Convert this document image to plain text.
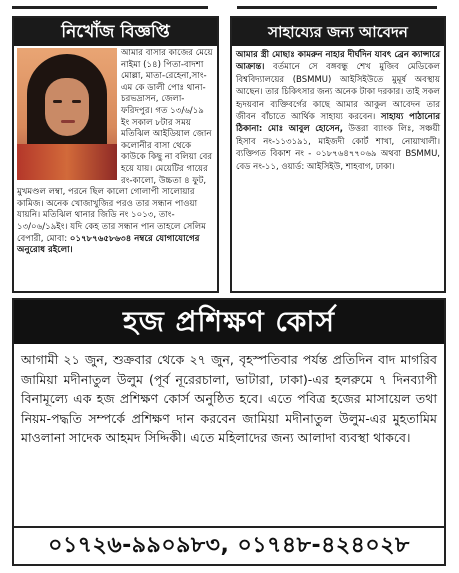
নিখোঁজ বিজ্ঞপ্তি
আমার বাসার কাজের মেয়ে নাইমা (১৪) পিতা-বাদশা মোল্লা, মাতা-রেহেনা,সাং- এম কে ডালী পোঃ থানা- চরভদ্রাসন, জেলা- ফরিদপুর। গত ১৩/৬/১৯ ইং সকাল ৮টার সময় মতিঝিল আইডিয়াল জোন কলোনীর বাসা থেকে কাউকে কিছু না বলিয়া বের হয়ে যায়। মেয়েটির গায়ের রং-কালো, উচ্চতা ৪ ফুট, মুখমণ্ডল লম্বা, পরনে ছিল কালো গোলাপী সালোয়ার কামিজ। অনেক খোজাখুজির পরও তার সন্ধান পাওয়া যায়নি। মতিঝিল থানার জিডি নং ১০১৩, তাং- ১৩/০৬/১৯ইং। যদি কেহ তার সন্ধান পান তাহলে সেলিম বেপারী, মোবা: ০১৭৮৭৬৫৮৬৩৪ নম্বরে যোগাযোগের অনুরোধ রইলো।
সাহায্যের জন্য আবেদন
আমার স্ত্রী মোছাঃ কামরুন নাহার দীর্ঘদিন যাবৎ ব্রেন ক্যান্সারে আক্রান্ত। বর্তমানে সে বঙ্গবন্ধু শেখ মুজিব মেডিকেল বিশ্ববিদ্যালয়ের (BSMMU) আইসিইউতে মুমূর্ষ অবস্থায় আছেন। তার চিকিৎসার জন্য অনেক টাকা দরকার। তাই সকল হৃদয়বান ব্যক্তিবর্গের কাছে আমার আকুল আবেদন তার জীবন বাঁচাতে আর্থিক সাহায্য করবেন। সাহায্য পাঠানোর ঠিকানা: মোঃ আবুল হোসেন, উত্তরা ব্যাংক লিঃ, সঞ্চয়ী হিসাব নং-১১৩১৯১, মাইজদী কোর্ট শাখা, নোয়াখালী। ব্যক্তিগত বিকাশ নং - ০১৮৭৬৪৭৭০৬৯ অথবা BSMMU, বেড নং-১১, ওয়ার্ড: আইসিইউ, শাহবাগ, ঢাকা।
হজ প্রশিক্ষণ কোর্স
আগামী ২১ জুন, শুক্রবার থেকে ২৭ জুন, বৃহস্পতিবার পর্যন্ত প্রতিদিন বাদ মাগরিব জামিয়া মদীনাতুল উলুম (পূর্ব নূরেরচালা, ভাটারা, ঢাকা)-এর হলরুমে ৭ দিনব্যাপী বিনামূল্যে এক হজ প্রশিক্ষণ কোর্স অনুষ্ঠিত হবে। এতে পবিত্র হজের মাসায়েল তথা নিয়ম-পদ্ধতি সম্পর্কে প্রশিক্ষণ দান করবেন জামিয়া মদীনাতুল উলুম-এর মুহতামিম মাওলানা সাদেক আহমদ সিদ্দিকী। এতে মহিলাদের জন্য আলাদা ব্যবস্থা থাকবে।
০১৭২৬-৯৯০৯৮৩, ০১৭৪৮-৪২৪০২৮
